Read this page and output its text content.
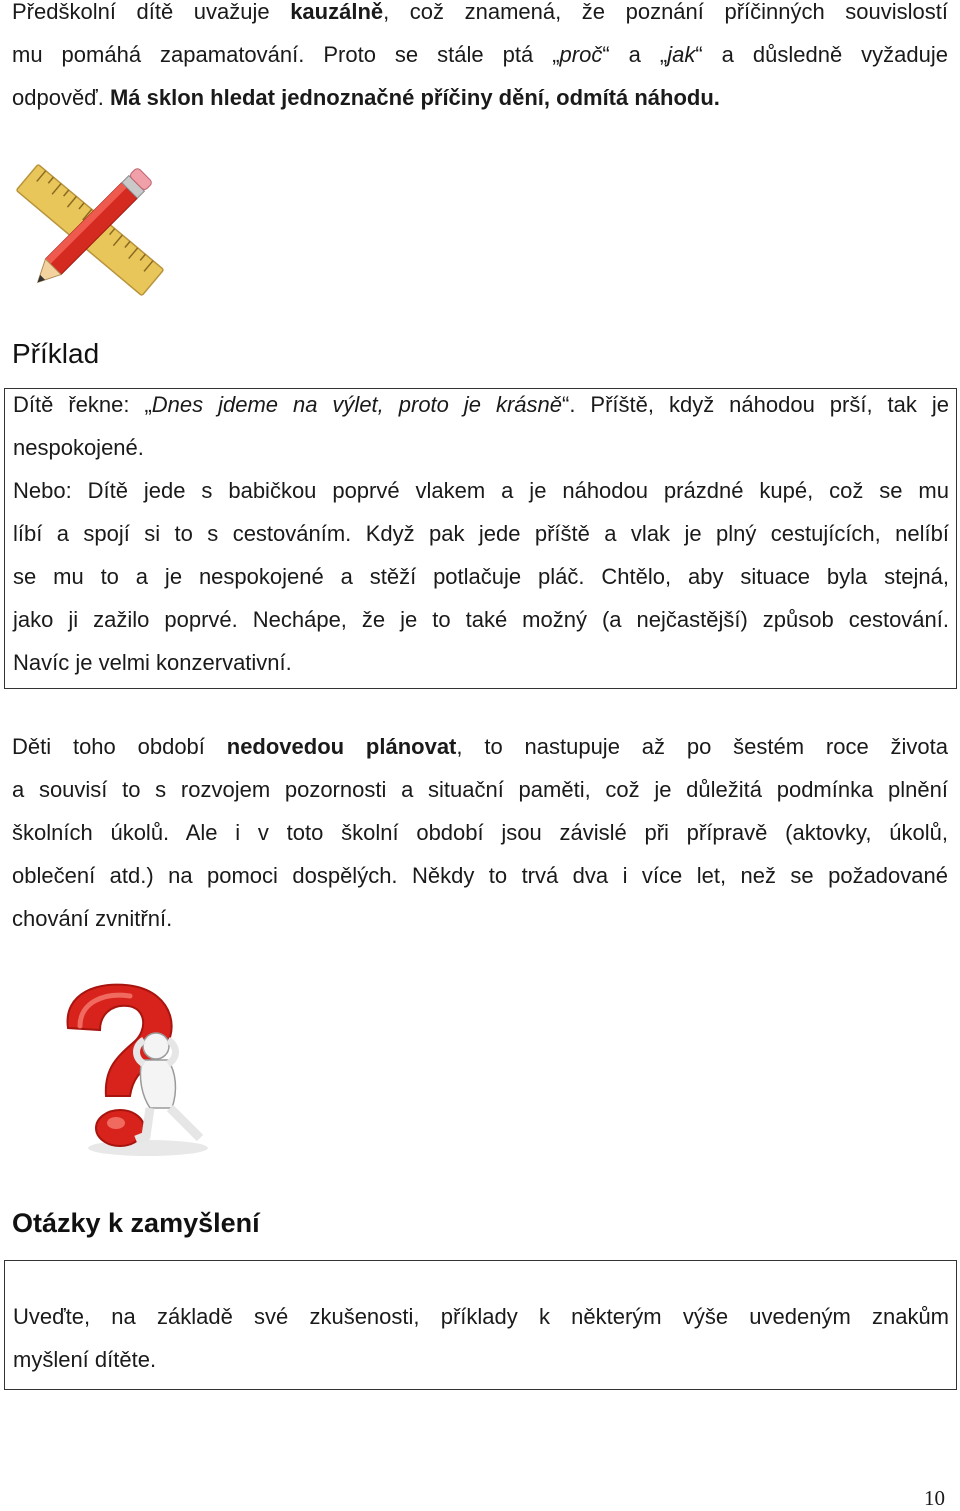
Předškolní dítě uvažuje kauzálně, což znamená, že poznání příčinných souvislostí
mu pomáhá zapamatování. Proto se stále ptá „proč“ a „jak“ a důsledně vyžaduje
odpověď. Má sklon hledat jednoznačné příčiny dění, odmítá náhodu.
Příklad
Dítě řekne: „Dnes jdeme na výlet, proto je krásně“. Příště, když náhodou prší, tak je
nespokojené.
Nebo: Dítě jede s babičkou poprvé vlakem a je náhodou prázdné kupé, což se mu
líbí a spojí si to s cestováním. Když pak jede příště a vlak je plný cestujících, nelíbí
se mu to a je nespokojené a stěží potlačuje pláč. Chtělo, aby situace byla stejná,
jako ji zažilo poprvé. Nechápe, že je to také možný (a nejčastější) způsob cestování.
Navíc je velmi konzervativní.
Děti toho období nedovedou plánovat, to nastupuje až po šestém roce života
a souvisí to s rozvojem pozornosti a situační paměti, což je důležitá podmínka plnění
školních úkolů. Ale i v toto školní období jsou závislé při přípravě (aktovky, úkolů,
oblečení atd.) na pomoci dospělých. Někdy to trvá dva i více let, než se požadované
chování zvnitřní.
Otázky k zamyšlení
Uveďte, na základě své zkušenosti, příklady k některým výše uvedeným znakům
myšlení dítěte.
10
